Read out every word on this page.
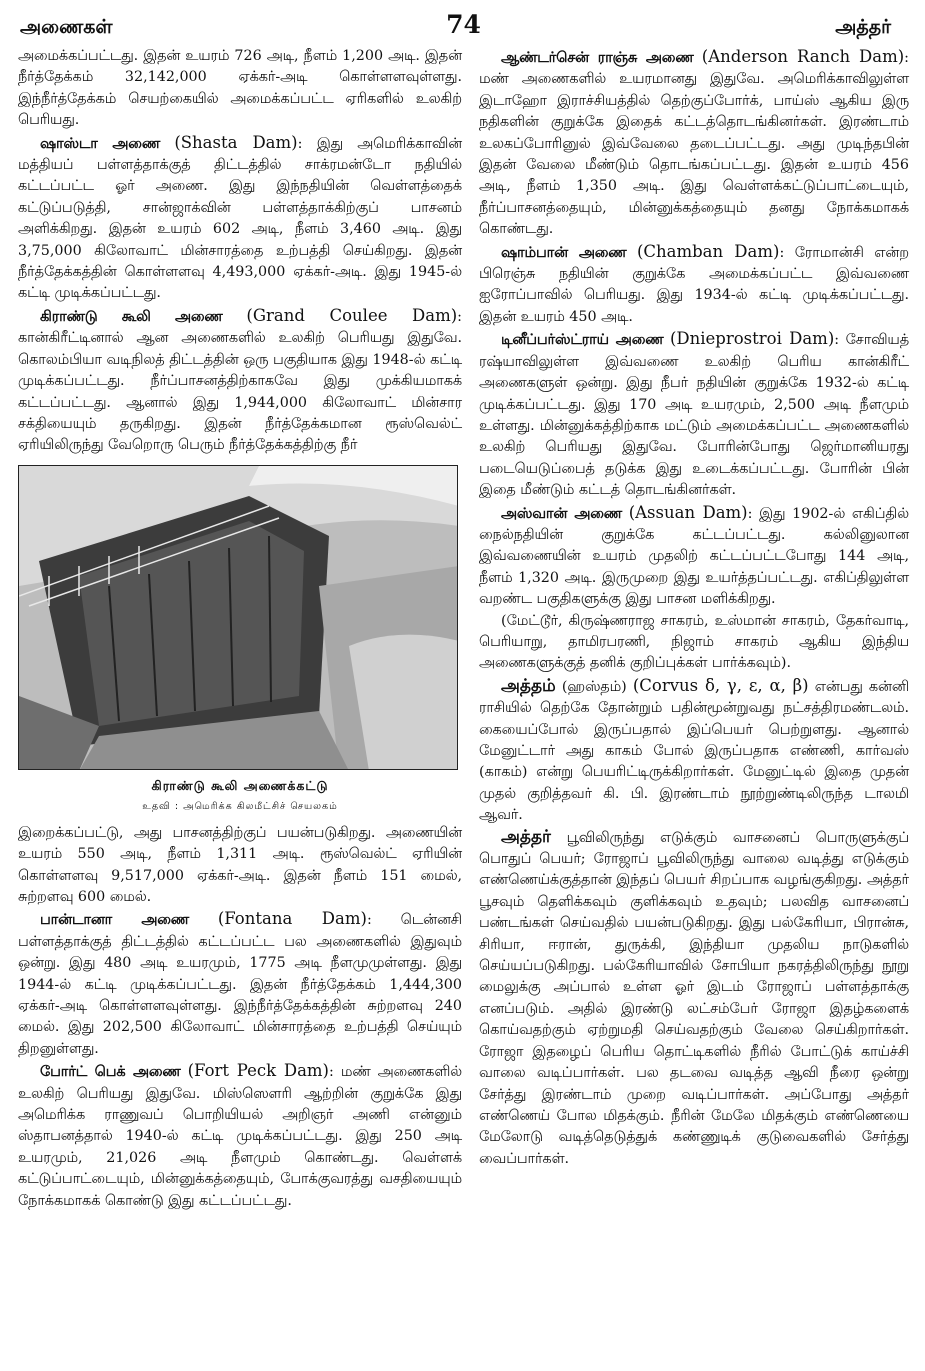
அணைகள்	74	அத்தர்

அமைக்கப்பட்டது. இதன் உயரம் 726 அடி, நீளம் 1,200 அடி. இதன் நீர்த்தேக்கம் 32,142,000 ஏக்கர்-அடி கொள்ளளவுள்ளது. இந்நீர்த்தேக்கம் செயற்கையில் அமைக்கப்பட்ட ஏரிகளில் உலகிற் பெரியது.

ஷாஸ்டா அணை (Shasta Dam): இது அமெரிக்காவின் மத்தியப் பள்ளத்தாக்குத் திட்டத்தில் சாக்ரமன்டோ நதியில் கட்டப்பட்ட ஓர் அணை. இது இந்நதியின் வெள்ளத்தைக் கட்டுப்படுத்தி, சான்ஜாக்வின் பள்ளத்தாக்கிற்குப் பாசனம் அளிக்கிறது. இதன் உயரம் 602 அடி, நீளம் 3,460 அடி. இது 3,75,000 கிலோவாட் மின்சாரத்தை உற்பத்தி செய்கிறது. இதன் நீர்த்தேக்கத்தின் கொள்ளளவு 4,493,000 ஏக்கர்-அடி. இது 1945-ல் கட்டி முடிக்கப்பட்டது.

கிராண்டு கூலி அணை (Grand Coulee Dam): கான்கிரீட்டினால் ஆன அணைகளில் உலகிற் பெரியது இதுவே. கொலம்பியா வடிநிலத் திட்டத்தின் ஒரு பகுதியாக இது 1948-ல் கட்டி முடிக்கப்பட்டது. நீர்ப்பாசனத்திற்காகவே இது முக்கியமாகக் கட்டப்பட்டது. ஆனால் இது 1,944,000 கிலோவாட் மின்சார சக்தியையும் தருகிறது. இதன் நீர்த்தேக்கமான ரூஸ்வெல்ட் ஏரியிலிருந்து வேறொரு பெரும் நீர்த்தேக்கத்திற்கு நீர்

கிராண்டு கூலி அணைக்கட்டு
உதவி : அமெரிக்க கிலமீட்சிச் செயலகம்

இறைக்கப்பட்டு, அது பாசனத்திற்குப் பயன்படுகிறது. அணையின் உயரம் 550 அடி, நீளம் 1,311 அடி. ரூஸ்வெல்ட் ஏரியின் கொள்ளளவு 9,517,000 ஏக்கர்-அடி. இதன் நீளம் 151 மைல், சுற்றளவு 600 மைல்.

பான்டானா அணை (Fontana Dam): டென்னசி பள்ளத்தாக்குத் திட்டத்தில் கட்டப்பட்ட பல அணைகளில் இதுவும் ஒன்று. இது 480 அடி உயரமும், 1775 அடி நீளமுமுள்ளது. இது 1944-ல் கட்டி முடிக்கப்பட்டது. இதன் நீர்த்தேக்கம் 1,444,300 ஏக்கர்-அடி கொள்ளளவுள்ளது. இந்நீர்த்தேக்கத்தின் சுற்றளவு 240 மைல். இது 202,500 கிலோவாட் மின்சாரத்தை உற்பத்தி செய்யும் திறனுள்ளது.

போர்ட் பெக் அணை (Fort Peck Dam): மண் அணைகளில் உலகிற் பெரியது இதுவே. மிஸ்ஸெளரி ஆற்றின் குறுக்கே இது அமெரிக்க ராணுவப் பொறியியல் அறிஞர் அணி என்னும் ஸ்தாபனத்தால் 1940-ல் கட்டி முடிக்கப்பட்டது. இது 250 அடி உயரமும், 21,026 அடி நீளமும் கொண்டது. வெள்ளக் கட்டுப்பாட்டையும், மின்னுக்கத்தையும், போக்குவரத்து வசதியையும் நோக்கமாகக் கொண்டு இது கட்டப்பட்டது.

ஆண்டர்சென் ராஞ்சு அணை (Anderson Ranch Dam): மண் அணைகளில் உயரமானது இதுவே. அமெரிக்காவிலுள்ள இடாஹோ இராச்சியத்தில் தெற்குப்போர்க், பாய்ஸ் ஆகிய இரு நதிகளின் குறுக்கே இதைக் கட்டத்தொடங்கினர்கள். இரண்டாம் உலகப்போரினுல் இவ்வேலை தடைப்பட்டது. அது முடிந்தபின் இதன் வேலை மீண்டும் தொடங்கப்பட்டது. இதன் உயரம் 456 அடி, நீளம் 1,350 அடி. இது வெள்ளக்கட்டுப்பாட்டையும், நீர்ப்பாசனத்தையும், மின்னுக்கத்தையும் தனது நோக்கமாகக் கொண்டது.

ஷாம்பான் அணை (Chamban Dam): ரோமான்சி என்ற பிரெஞ்சு நதியின் குறுக்கே அமைக்கப்பட்ட இவ்வணை ஐரோப்பாவில் பெரியது. இது 1934-ல் கட்டி முடிக்கப்பட்டது. இதன் உயரம் 450 அடி.

டினீப்பர்ஸ்ட்ராய் அணை (Dnieprostroi Dam): சோவியத் ரஷ்யாவிலுள்ள இவ்வணை உலகிற் பெரிய கான்கிரீட் அணைகளுள் ஒன்று. இது நீபர் நதியின் குறுக்கே 1932-ல் கட்டி முடிக்கப்பட்டது. இது 170 அடி உயரமும், 2,500 அடி நீளமும் உள்ளது. மின்னுக்கத்திற்காக மட்டும் அமைக்கப்பட்ட அணைகளில் உலகிற் பெரியது இதுவே. போரின்போது ஜெர்மானியரது படையெடுப்பைத் தடுக்க இது உடைக்கப்பட்டது. போரின் பின் இதை மீண்டும் கட்டத் தொடங்கினர்கள்.

அஸ்வான் அணை (Assuan Dam): இது 1902-ல் எகிப்தில் நைல்நதியின் குறுக்கே கட்டப்பட்டது. கல்லினுலான இவ்வணையின் உயரம் முதலிற் கட்டப்பட்டபோது 144 அடி, நீளம் 1,320 அடி. இருமுறை இது உயர்த்தப்பட்டது. எகிப்திலுள்ள வறண்ட பகுதிகளுக்கு இது பாசன மளிக்கிறது.

(மேட்டூர், கிருஷ்ணராஜ சாகரம், உஸ்மான் சாகரம், தேகர்வாடி, பெரியாறு, தாமிரபரணி, நிஜாம் சாகரம் ஆகிய இந்திய அணைகளுக்குத் தனிக் குறிப்புக்கள் பார்க்கவும்).

அத்தம் (ஹஸ்தம்) (Corvus δ, γ, ε, α, β) என்பது கன்னி ராசியில் தெற்கே தோன்றும் பதின்மூன்றுவது நட்சத்திரமண்டலம். கையைப்போல் இருப்பதால் இப்பெயர் பெற்றுளது. ஆனால் மேனுட்டார் அது காகம் போல் இருப்பதாக எண்ணி, கார்வஸ் (காகம்) என்று பெயரிட்டிருக்கிறார்கள். மேனுட்டில் இதை முதன் முதல் குறித்தவர் கி. பி. இரண்டாம் நூற்றுண்டிலிருந்த டாலமி ஆவர்.

அத்தர் பூவிலிருந்து எடுக்கும் வாசனைப் பொருளுக்குப் பொதுப் பெயர்; ரோஜாப் பூவிலிருந்து வாலை வடித்து எடுக்கும் எண்ணெய்க்குத்தான் இந்தப் பெயர் சிறப்பாக வழங்குகிறது. அத்தர் பூசவும் தெளிக்கவும் குளிக்கவும் உதவும்; பலவித வாசனைப் பண்டங்கள் செய்வதில் பயன்படுகிறது. இது பல்கேரியா, பிரான்சு, சிரியா, ஈரான், துருக்கி, இந்தியா முதலிய நாடுகளில் செய்யப்படுகிறது. பல்கேரியாவில் சோபியா நகரத்திலிருந்து நூறு மைலுக்கு அப்பால் உள்ள ஓர் இடம் ரோஜாப் பள்ளத்தாக்கு எனப்படும். அதில் இரண்டு லட்சம்பேர் ரோஜா இதழ்களைக் கொய்வதற்கும் ஏற்றுமதி செய்வதற்கும் வேலை செய்கிறார்கள். ரோஜா இதழைப் பெரிய தொட்டிகளில் நீரில் போட்டுக் காய்ச்சி வாலை வடிப்பார்கள். பல தடவை வடித்த ஆவி நீரை ஒன்று சேர்த்து இரண்டாம் முறை வடிப்பார்கள். அப்போது அத்தர் எண்ணெய் போல மிதக்கும். நீரின் மேலே மிதக்கும் எண்ணெயை மேலோடு வடித்தெடுத்துக் கண்ணுடிக் குடுவைகளில் சேர்த்து வைப்பார்கள்.
